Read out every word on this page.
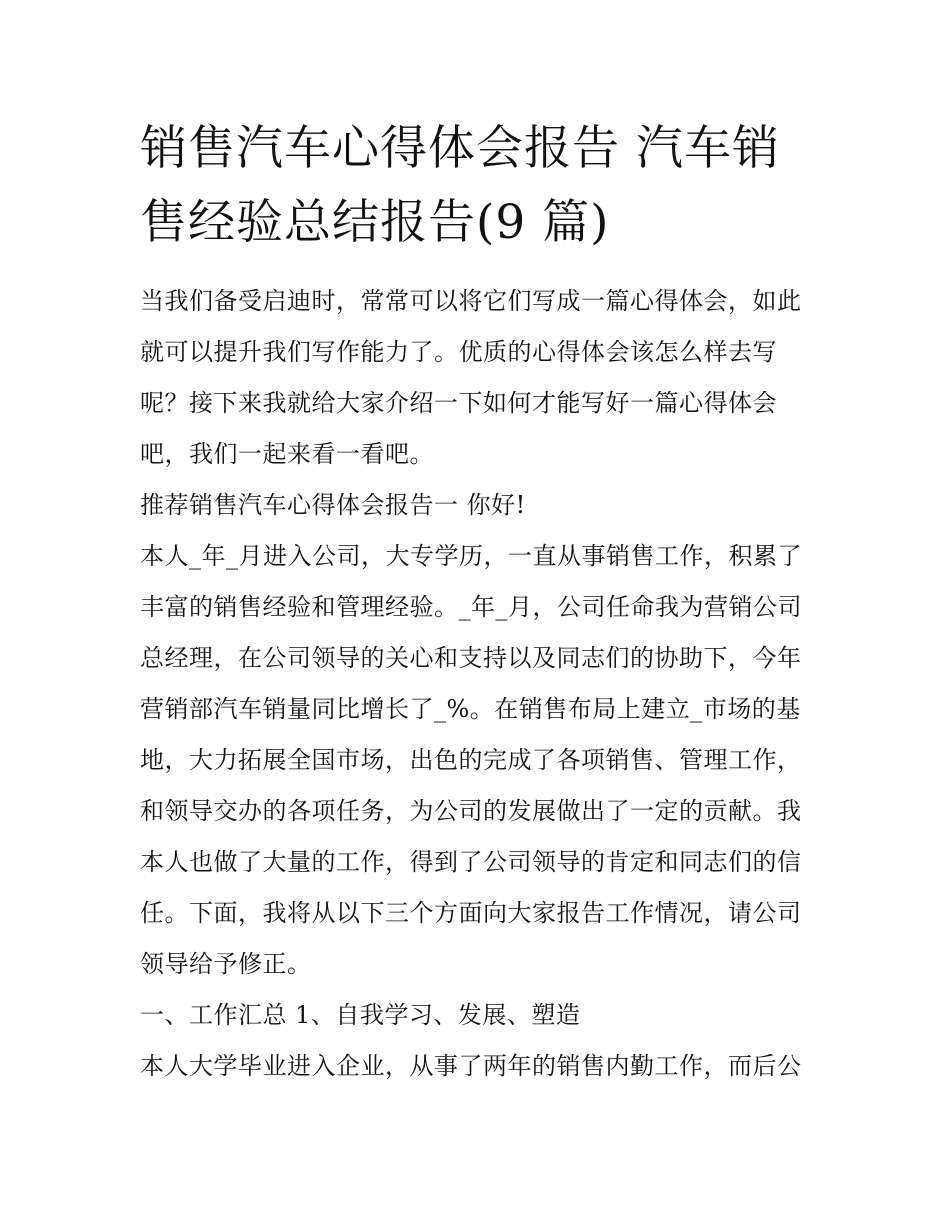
销售汽车心得体会报告 汽车销
售经验总结报告(9 篇)
当我们备受启迪时，常常可以将它们写成一篇心得体会，如此
就可以提升我们写作能力了。优质的心得体会该怎么样去写
呢？接下来我就给大家介绍一下如何才能写好一篇心得体会
吧，我们一起来看一看吧。
推荐销售汽车心得体会报告一 你好!
本人_年_月进入公司，大专学历，一直从事销售工作，积累了
丰富的销售经验和管理经验。_年_月，公司任命我为营销公司
总经理，在公司领导的关心和支持以及同志们的协助下，今年
营销部汽车销量同比增长了_%。在销售布局上建立_市场的基
地，大力拓展全国市场，出色的完成了各项销售、管理工作，
和领导交办的各项任务，为公司的发展做出了一定的贡献。我
本人也做了大量的工作，得到了公司领导的肯定和同志们的信
任。下面，我将从以下三个方面向大家报告工作情况，请公司
领导给予修正。
一、工作汇总 1、自我学习、发展、塑造
本人大学毕业进入企业，从事了两年的销售内勤工作，而后公
